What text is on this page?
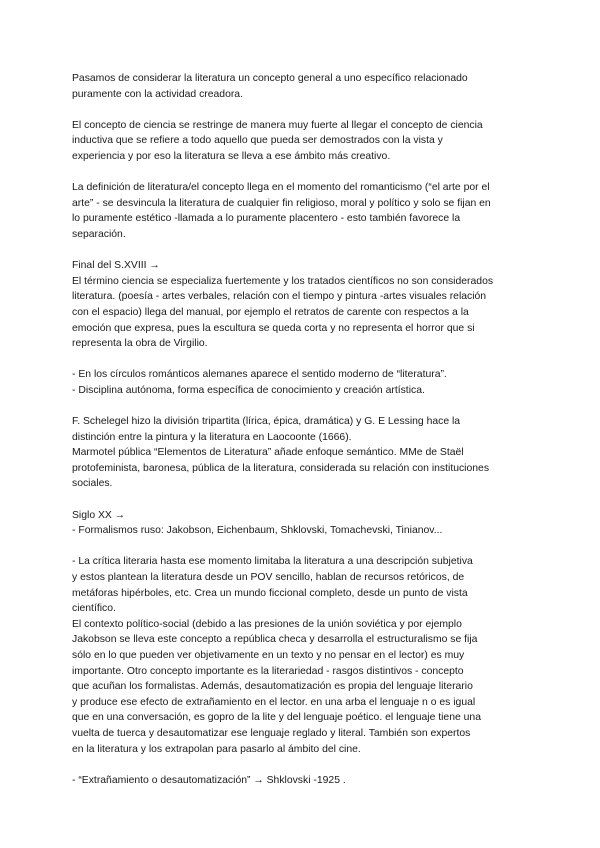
Pasamos de considerar la literatura un concepto general a uno específico relacionado
puramente con la actividad creadora.

El concepto de ciencia se restringe de manera muy fuerte al llegar el concepto de ciencia
inductiva que se refiere a todo aquello que pueda ser demostrados con la vista y
experiencia y por eso la literatura se lleva a ese ámbito más creativo.

La definición de literatura/el concepto llega en el momento del romanticismo (“el arte por el
arte” - se desvincula la literatura de cualquier fin religioso, moral y político y solo se fijan en
lo puramente estético -llamada a lo puramente placentero - esto también favorece la
separación.

Final del S.XVIII →
El término ciencia se especializa fuertemente y los tratados científicos no son considerados
literatura. (poesía - artes verbales, relación con el tiempo y pintura -artes visuales relación
con el espacio) llega del manual, por ejemplo el retratos de carente con respectos a la
emoción que expresa, pues la escultura se queda corta y no representa el horror que si
representa la obra de Virgilio.

- En los círculos románticos alemanes aparece el sentido moderno de “literatura”.
- Disciplina autónoma, forma específica de conocimiento y creación artística.

F. Schelegel hizo la división tripartita (lírica, épica, dramática) y G. E Lessing hace la
distinción entre la pintura y la literatura en Laocoonte (1666).
Marmotel pública “Elementos de Literatura” añade enfoque semántico. MMe de Staël
protofeminista, baronesa, pública de la literatura, considerada su relación con instituciones
sociales.

Siglo XX →
- Formalismos ruso: Jakobson, Eichenbaum, Shklovski, Tomachevski, Tinianov...

- La crítica literaria hasta ese momento limitaba la literatura a una descripción subjetiva
y estos plantean la literatura desde un POV sencillo, hablan de recursos retóricos, de
metáforas hipérboles, etc. Crea un mundo ficcional completo, desde un punto de vista
científico.
El contexto político-social (debido a las presiones de la unión soviética y por ejemplo
Jakobson se lleva este concepto a república checa y desarrolla el estructuralismo se fija
sólo en lo que pueden ver objetivamente en un texto y no pensar en el lector) es muy
importante. Otro concepto importante es la literariedad - rasgos distintivos - concepto
que acuñan los formalistas. Además, desautomatización es propia del lenguaje literario
y produce ese efecto de extrañamiento en el lector. en una arba el lenguaje n o es igual
que en una conversación, es gopro de la lite y del lenguaje poético. el lenguaje tiene una
vuelta de tuerca y desautomatizar ese lenguaje reglado y literal. También son expertos
en la literatura y los extrapolan para pasarlo al ámbito del cine.

- “Extrañamiento o desautomatización” → Shklovski -1925 .
